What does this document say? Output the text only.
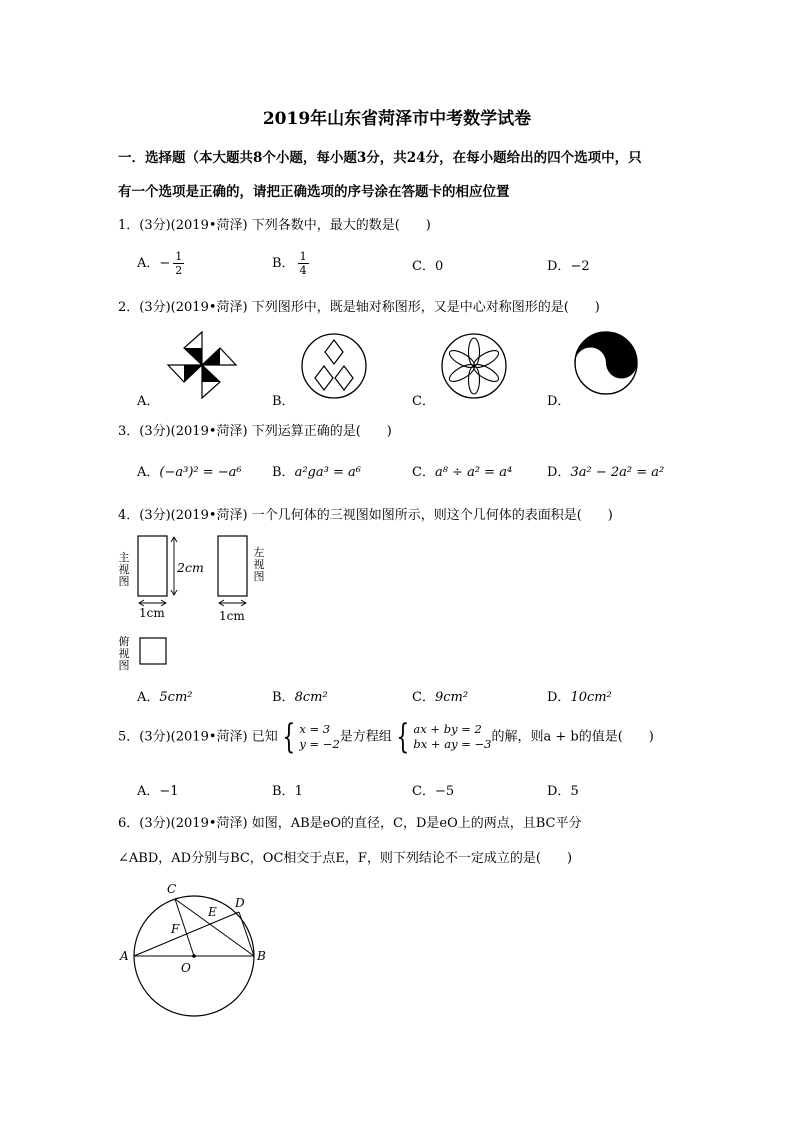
2019年山东省菏泽市中考数学试卷
一．选择题（本大题共8个小题，每小题3分，共24分，在每小题给出的四个选项中，只
有一个选项是正确的，请把正确选项的序号涂在答题卡的相应位置
1．(3分)(2019•菏泽) 下列各数中，最大的数是(　　)
A．− $\frac{1}{2}$	B． $\frac{1}{4}$	C．0	D．−2
2．(3分)(2019•菏泽) 下列图形中，既是轴对称图形，又是中心对称图形的是(　　)
A．	B．	C．	D．
3．(3分)(2019•菏泽) 下列运算正确的是(　　)
A．(−a³)² = −a⁶ B．a²ga³ = a⁶	C．a⁸ ÷ a² = a⁴	D．3a² − 2a² = a²
4．(3分)(2019•菏泽) 一个几何体的三视图如图所示，则这个几何体的表面积是(　　)
主视图
左视图
俯视图
2cm
1cm	1cm
A．5cm²	B．8cm²	C．9cm²	D．10cm²
5．(3分)(2019•菏泽) 已知 { x = 3
y = −2 是方程组 { ax + by = 2
bx + ay = −3 的解，则a + b的值是(　　)
A．−1	B．1	C．−5	D．5
6．(3分)(2019•菏泽) 如图，AB是eO的直径，C，D是eO上的两点，且BC平分
∠ABD，AD分别与BC，OC相交于点E，F，则下列结论不一定成立的是(　　)
C
D
E
F
A	B
O
